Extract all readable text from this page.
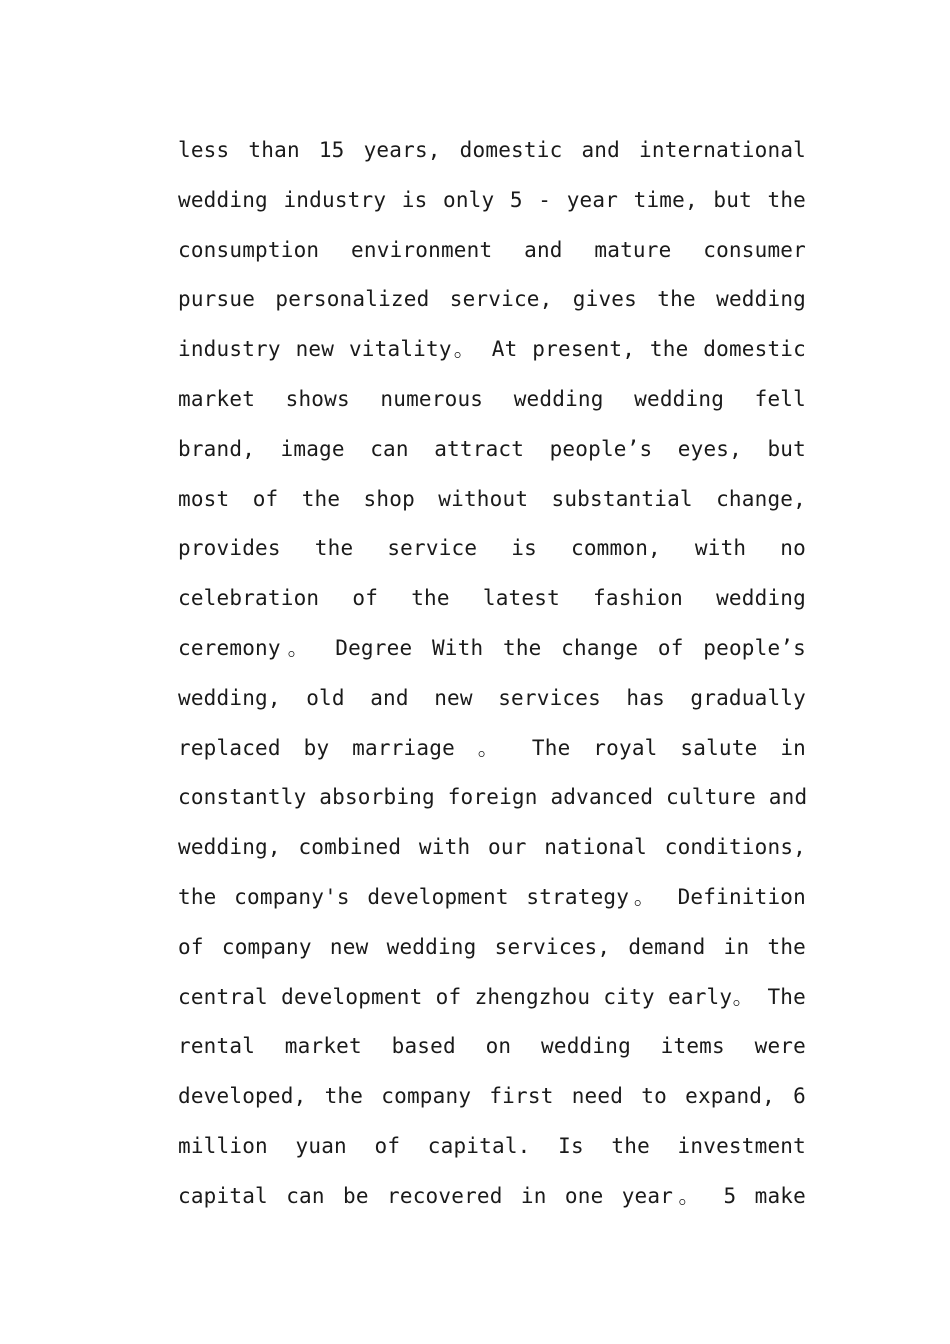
less than 15 years, domestic and international
wedding industry is only 5 - year time, but the
consumption environment and mature consumer
pursue personalized service, gives the wedding
industry new vitality。 At present, the domestic
market shows numerous wedding wedding fell
brand, image can attract people’s eyes, but
most of the shop without substantial change,
provides the service is common, with no
celebration of the latest fashion wedding
ceremony。 Degree With the change of people’s
wedding, old and new services has gradually
replaced by marriage 。 The royal salute in
constantly absorbing foreign advanced culture and
wedding, combined with our national conditions,
the company's development strategy。 Definition
of company new wedding services, demand in the
central development of zhengzhou city early。 The
rental market based on wedding items were
developed, the company first need to expand, 6
million yuan of capital. Is the investment
capital can be recovered in one year。 5 make
